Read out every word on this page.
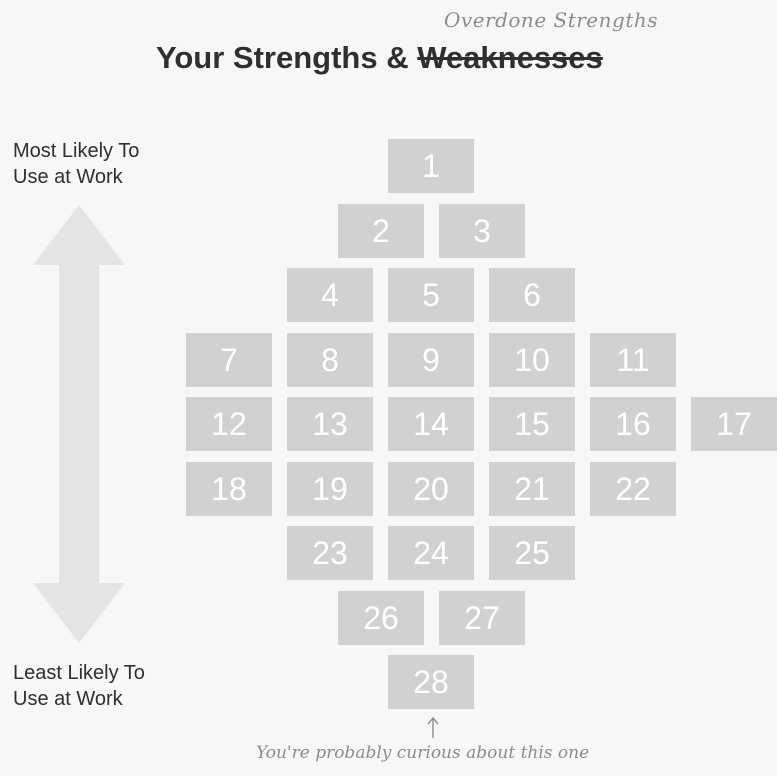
Overdone Strengths
Your Strengths & Weaknesses
Most Likely To
Use at Work
Least Likely To
Use at Work
1
2	3
4	5	6
7	8	9	10	11
12	13	14	15	16	17
18	19	20	21	22
23	24	25
26	27
28
You're probably curious about this one
